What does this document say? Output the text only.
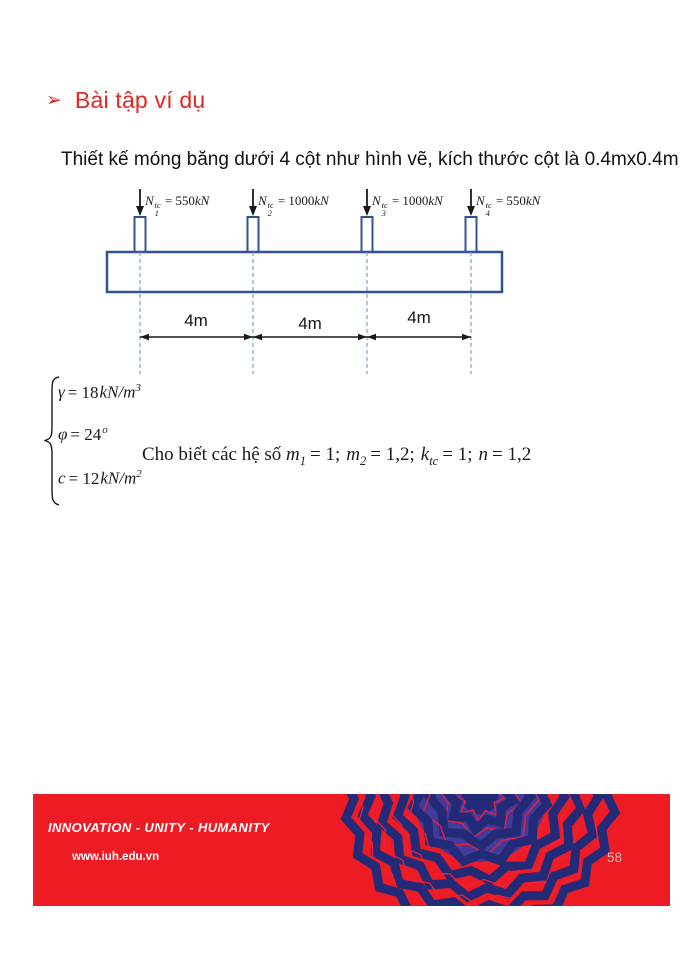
➢ Bài tập ví dụ

Thiết kế móng băng dưới 4 cột như hình vẽ, kích thước cột là 0.4mx0.4m

N tc
1
= 550kN	N tc
2
= 1000kN	N tc
3
= 1000kN	N tc
4
= 550kN
4m	4m	4m
$\gamma = 18kN/m^3$
$\varphi = 24^o$
$c = 12kN/m^2$

Cho biết các hệ số $m_1 = 1$; $m_2 = 1,2$; $k_{tc} = 1$; n = 1,2

INNOVATION - UNITY - HUMANITY
www.iuh.edu.vn	58
